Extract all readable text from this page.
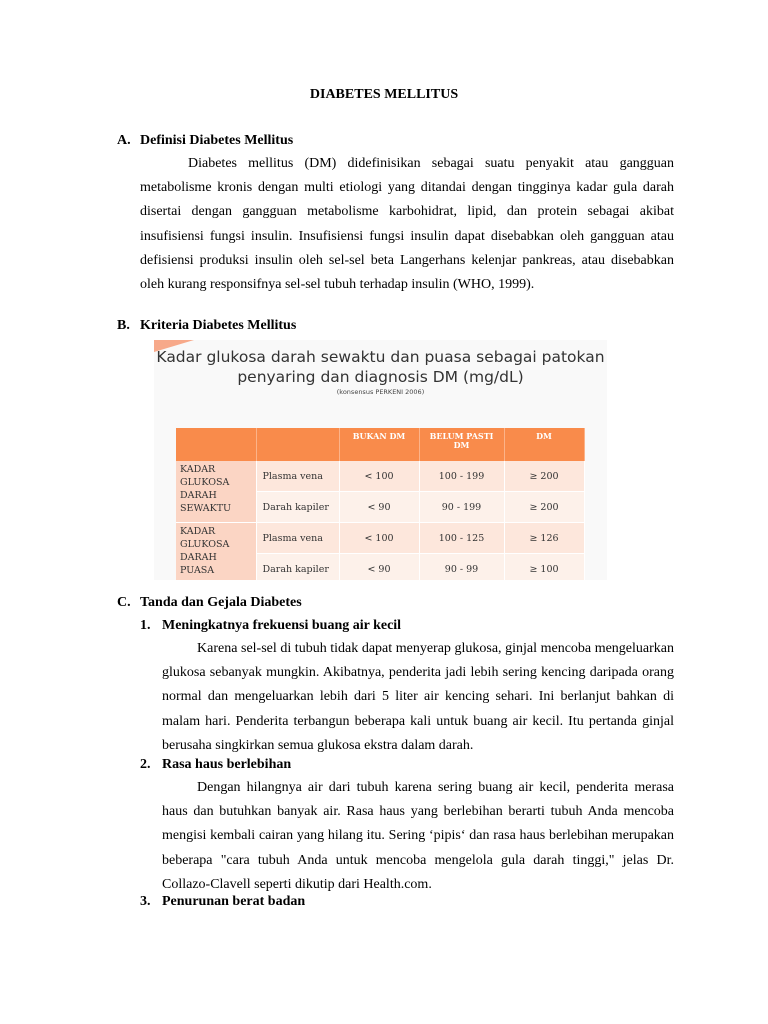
DIABETES MELLITUS
A. Definisi Diabetes Mellitus
Diabetes mellitus (DM) didefinisikan sebagai suatu penyakit atau gangguan metabolisme kronis dengan multi etiologi yang ditandai dengan tingginya kadar gula darah disertai dengan gangguan metabolisme karbohidrat, lipid, dan protein sebagai akibat insufisiensi fungsi insulin. Insufisiensi fungsi insulin dapat disebabkan oleh gangguan atau defisiensi produksi insulin oleh sel-sel beta Langerhans kelenjar pankreas, atau disebabkan oleh kurang responsifnya sel-sel tubuh terhadap insulin (WHO, 1999).
B. Kriteria Diabetes Mellitus
Kadar glukosa darah sewaktu dan puasa sebagai patokan
penyaring dan diagnosis DM (mg/dL)
(konsensus PERKENI 2006)
		BUKAN DM	BELUM PASTI DM	DM
KADAR GLUKOSA DARAH SEWAKTU	Plasma vena	< 100	100 - 199	≥ 200
	Darah kapiler	< 90	90 - 199	≥ 200
KADAR GLUKOSA DARAH PUASA	Plasma vena	< 100	100 - 125	≥ 126
	Darah kapiler	< 90	90 - 99	≥ 100
C. Tanda dan Gejala Diabetes
1. Meningkatnya frekuensi buang air kecil
Karena sel-sel di tubuh tidak dapat menyerap glukosa, ginjal mencoba mengeluarkan glukosa sebanyak mungkin. Akibatnya, penderita jadi lebih sering kencing daripada orang normal dan mengeluarkan lebih dari 5 liter air kencing sehari. Ini berlanjut bahkan di malam hari. Penderita terbangun beberapa kali untuk buang air kecil. Itu pertanda ginjal berusaha singkirkan semua glukosa ekstra dalam darah.
2. Rasa haus berlebihan
Dengan hilangnya air dari tubuh karena sering buang air kecil, penderita merasa haus dan butuhkan banyak air. Rasa haus yang berlebihan berarti tubuh Anda mencoba mengisi kembali cairan yang hilang itu. Sering ‘pipis‘ dan rasa haus berlebihan merupakan beberapa "cara tubuh Anda untuk mencoba mengelola gula darah tinggi," jelas Dr. Collazo-Clavell seperti dikutip dari Health.com.
3. Penurunan berat badan
